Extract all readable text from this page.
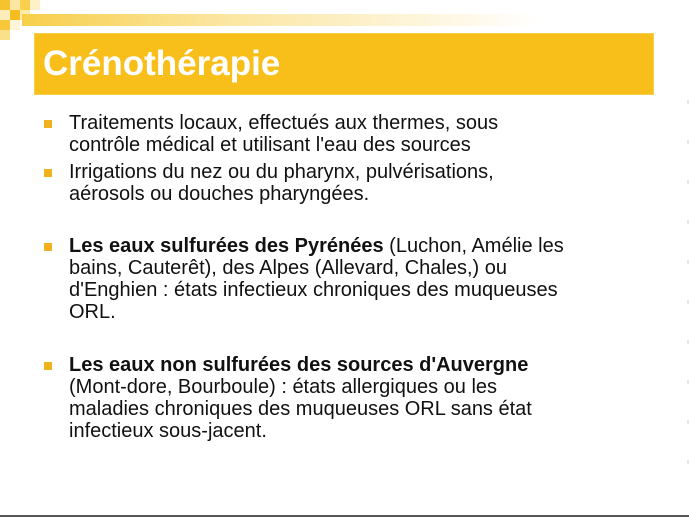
Crénothérapie
Traitements locaux, effectués aux thermes, sous
contrôle médical et utilisant l'eau des sources
Irrigations du nez ou du pharynx, pulvérisations,
aérosols ou douches pharyngées.
Les eaux sulfurées des Pyrénées (Luchon, Amélie les
bains, Cauterêt), des Alpes (Allevard, Chales,) ou
d'Enghien : états infectieux chroniques des muqueuses
ORL.
Les eaux non sulfurées des sources d'Auvergne
(Mont-dore, Bourboule) : états allergiques ou les
maladies chroniques des muqueuses ORL sans état
infectieux sous-jacent.
